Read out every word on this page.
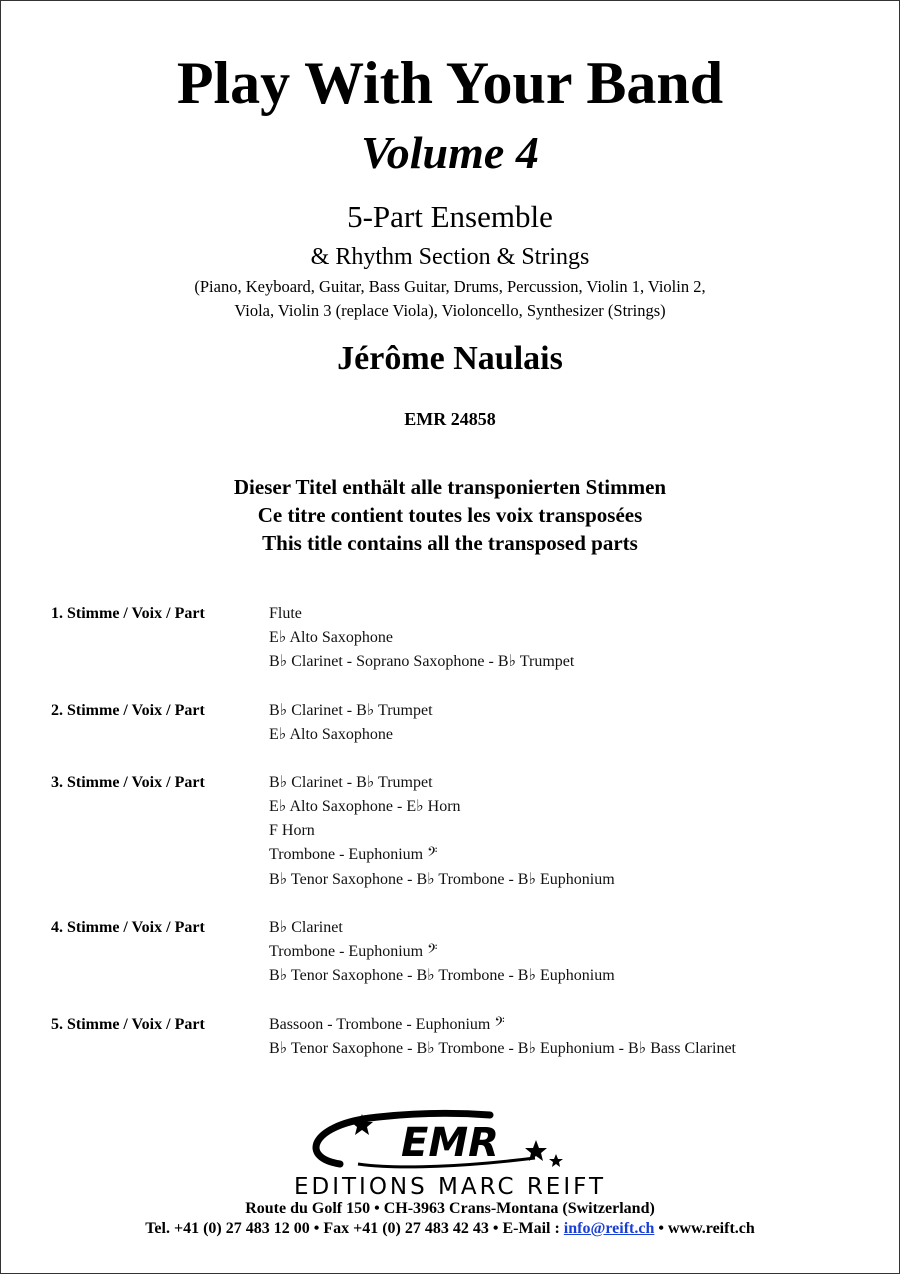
Play With Your Band
Volume 4
5-Part Ensemble
& Rhythm Section & Strings
(Piano, Keyboard, Guitar, Bass Guitar, Drums, Percussion, Violin 1, Violin 2,
Viola, Violin 3 (replace Viola), Violoncello, Synthesizer (Strings)
Jérôme Naulais
EMR 24858
Dieser Titel enthält alle transponierten Stimmen
Ce titre contient toutes les voix transposées
This title contains all the transposed parts
1. Stimme / Voix / Part	Flute
E♭ Alto Saxophone
B♭ Clarinet - Soprano Saxophone - B♭ Trumpet
2. Stimme / Voix / Part	B♭ Clarinet - B♭ Trumpet
E♭ Alto Saxophone
3. Stimme / Voix / Part	B♭ Clarinet - B♭ Trumpet
E♭ Alto Saxophone - E♭ Horn
F Horn
Trombone - Euphonium 𝄢
B♭ Tenor Saxophone - B♭ Trombone - B♭ Euphonium
4. Stimme / Voix / Part	B♭ Clarinet
Trombone - Euphonium 𝄢
B♭ Tenor Saxophone - B♭ Trombone - B♭ Euphonium
5. Stimme / Voix / Part	Bassoon - Trombone - Euphonium 𝄢
B♭ Tenor Saxophone - B♭ Trombone - B♭ Euphonium - B♭ Bass Clarinet
EMR
EDITIONS MARC REIFT
Route du Golf 150 • CH-3963 Crans-Montana (Switzerland)
Tel. +41 (0) 27 483 12 00 • Fax +41 (0) 27 483 42 43 • E-Mail : info@reift.ch • www.reift.ch
